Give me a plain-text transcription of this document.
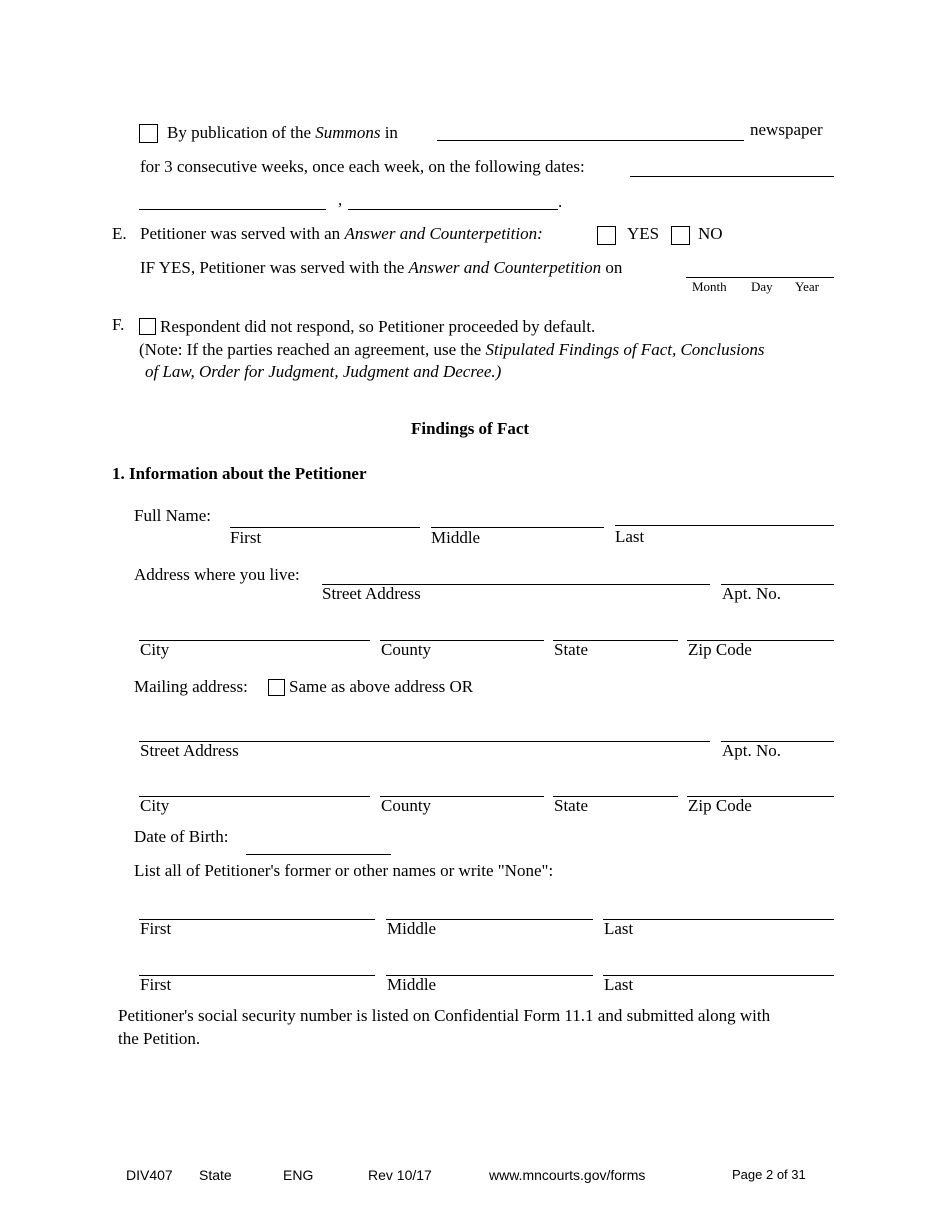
By publication of the Summons in	newspaper
for 3 consecutive weeks, once each week, on the following dates:
,	.
E. Petitioner was served with an Answer and Counterpetition:	YES NO
IF YES, Petitioner was served with the Answer and Counterpetition on
Month Day Year
F. Respondent did not respond, so Petitioner proceeded by default.
(Note: If the parties reached an agreement, use the Stipulated Findings of Fact, Conclusions
of Law, Order for Judgment, Judgment and Decree.)
Findings of Fact
1. Information about the Petitioner
Full Name:
First	Middle	Last
Address where you live:
Street Address	Apt. No.
City	County	State	Zip Code
Mailing address: Same as above address OR
Street Address	Apt. No.
City	County	State	Zip Code
Date of Birth:
List all of Petitioner's former or other names or write "None":
First	Middle	Last
First	Middle	Last
Petitioner's social security number is listed on Confidential Form 11.1 and submitted along with
the Petition.
DIV407 State	ENG	Rev 10/17	www.mncourts.gov/forms	Page 2 of 31
